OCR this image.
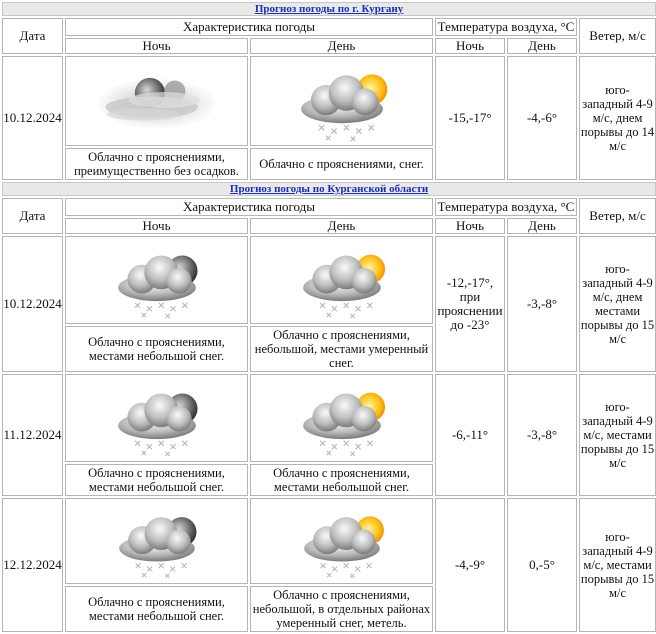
Прогноз погоды по г. Кургану					
Дата	Характеристика погоды		Температура воздуха, °С		Ветер, м/с
	Ночь	День	Ночь	День	
10.12.2024			-15,-17°	-4,-6°	юго-западный 4-9 м/с, днем порывы до 14 м/с
	Облачно с прояснениями, преимущественно без осадков.	Облачно с прояснениями, снег.			
Прогноз погоды по Курганской области					
Дата	Характеристика погоды		Температура воздуха, °С		Ветер, м/с
	Ночь	День	Ночь	День	
10.12.2024			-12,-17°, при прояснении до -23°	-3,-8°	юго-западный 4-9 м/с, днем местами порывы до 15 м/с
	Облачно с прояснениями, местами небольшой снег.	Облачно с прояснениями, небольшой, местами умеренный снег.			
11.12.2024			-6,-11°	-3,-8°	юго-западный 4-9 м/с, местами порывы до 15 м/с
	Облачно с прояснениями, местами небольшой снег.	Облачно с прояснениями, местами небольшой снег.			
12.12.2024			-4,-9°	0,-5°	юго-западный 4-9 м/с, местами порывы до 15 м/с
	Облачно с прояснениями, местами небольшой снег.	Облачно с прояснениями, небольшой, в отдельных районах умеренный снег, метель.			
